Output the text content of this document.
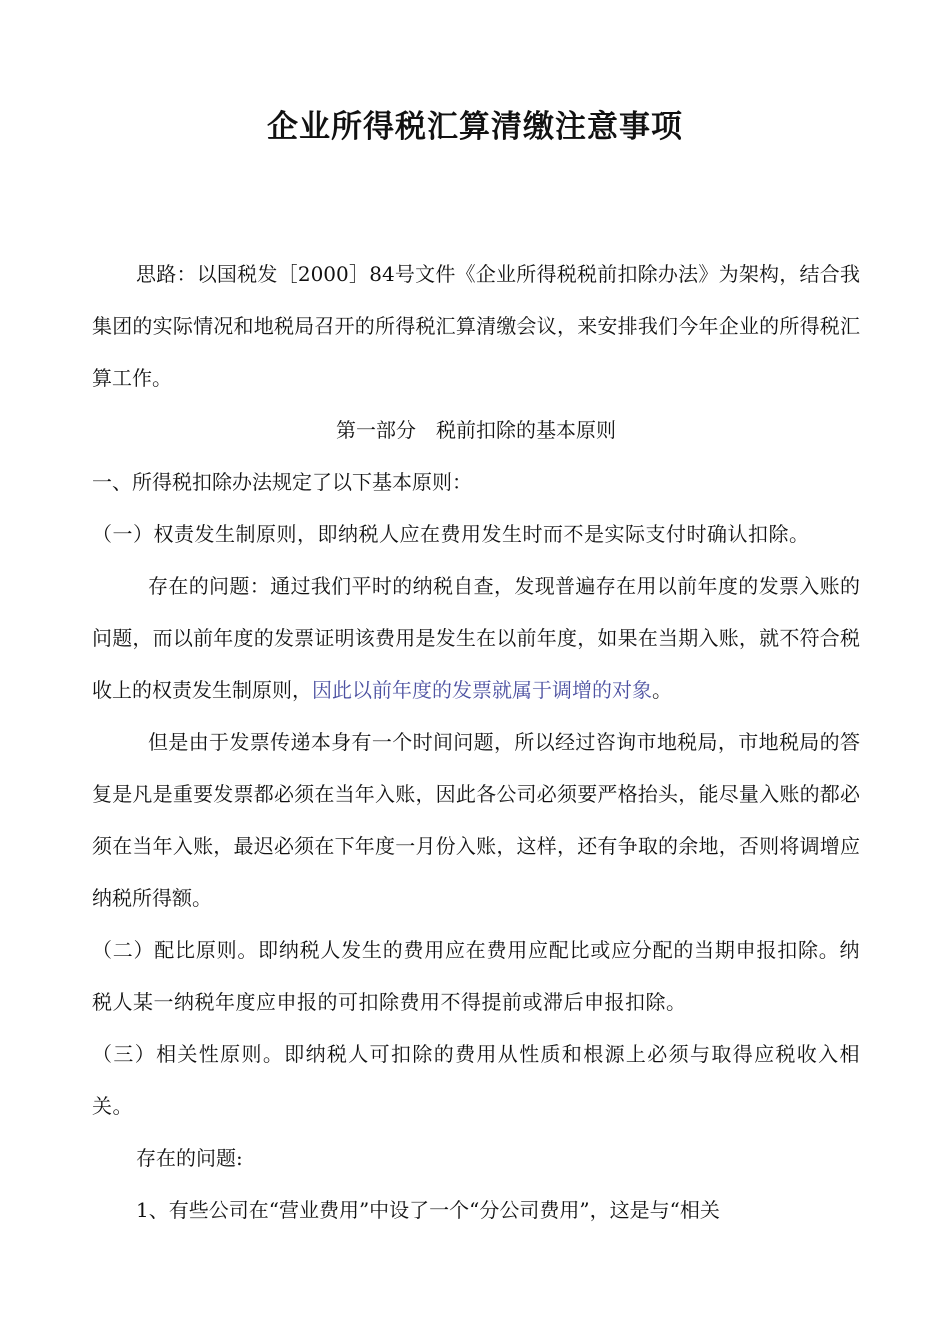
企业所得税汇算清缴注意事项

思路：以国税发［2000］84号文件《企业所得税税前扣除办法》为架构，结合我集团的实际情况和地税局召开的所得税汇算清缴会议，来安排我们今年企业的所得税汇算工作。

第一部分　税前扣除的基本原则

一、所得税扣除办法规定了以下基本原则：

（一）权责发生制原则，即纳税人应在费用发生时而不是实际支付时确认扣除。

存在的问题：通过我们平时的纳税自查，发现普遍存在用以前年度的发票入账的问题，而以前年度的发票证明该费用是发生在以前年度，如果在当期入账，就不符合税收上的权责发生制原则，因此以前年度的发票就属于调增的对象。

但是由于发票传递本身有一个时间问题，所以经过咨询市地税局，市地税局的答复是凡是重要发票都必须在当年入账，因此各公司必须要严格抬头，能尽量入账的都必须在当年入账，最迟必须在下年度一月份入账，这样，还有争取的余地，否则将调增应纳税所得额。

（二）配比原则。即纳税人发生的费用应在费用应配比或应分配的当期申报扣除。纳税人某一纳税年度应申报的可扣除费用不得提前或滞后申报扣除。

（三）相关性原则。即纳税人可扣除的费用从性质和根源上必须与取得应税收入相关。

存在的问题:

1、有些公司在“营业费用”中设了一个“分公司费用”，这是与“相关
